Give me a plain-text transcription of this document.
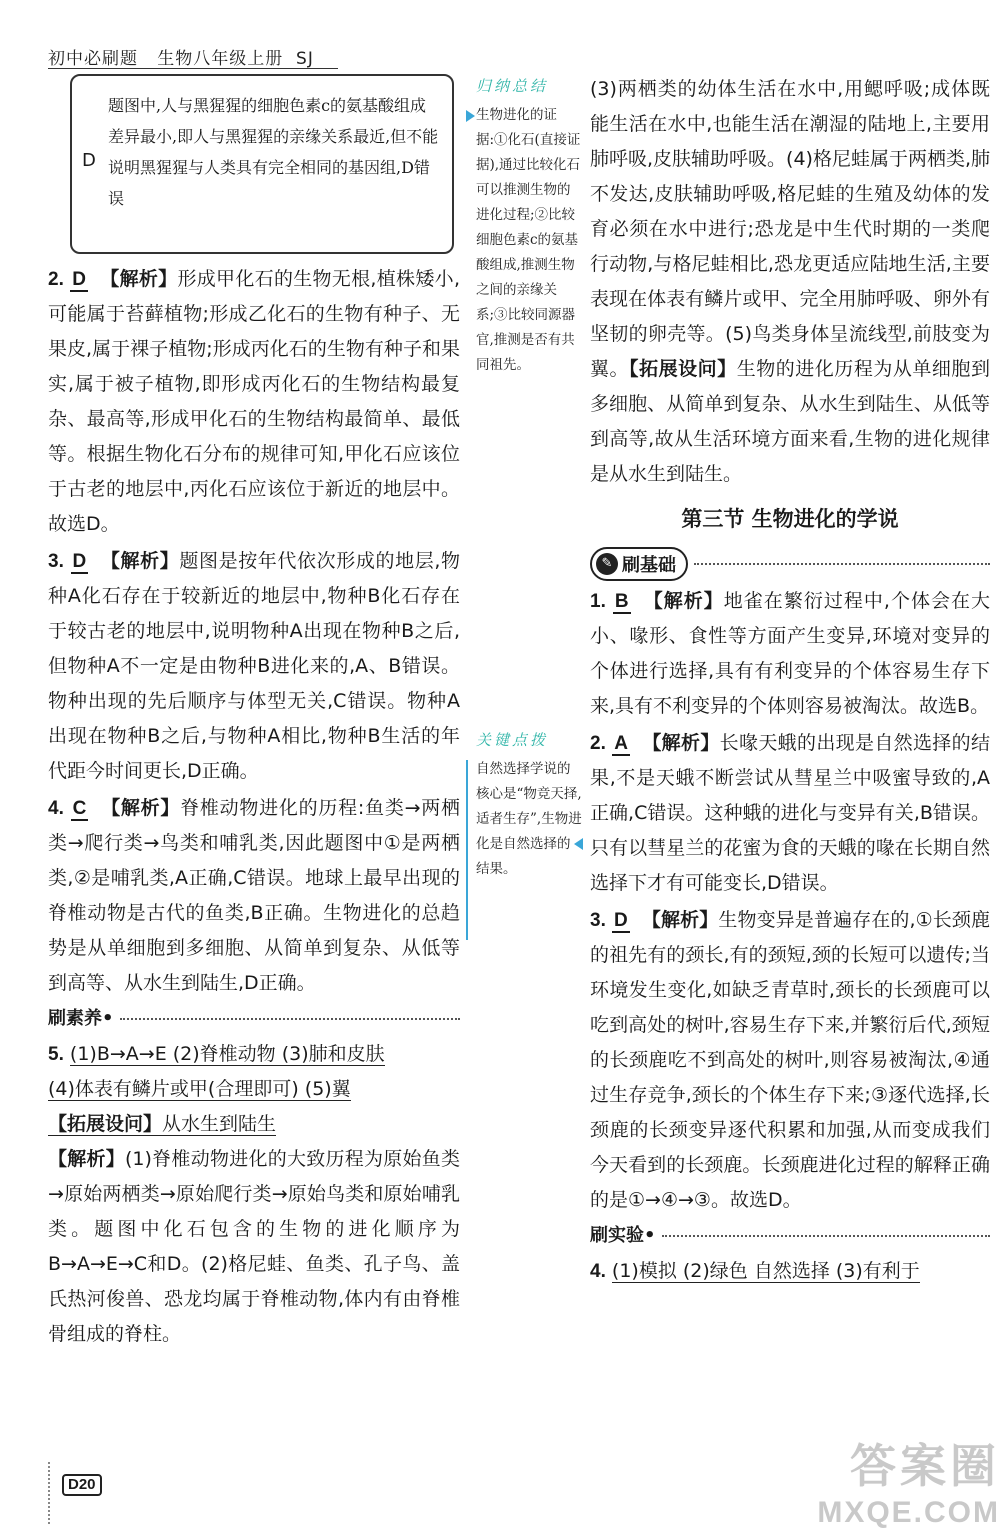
初中必刷题 生物八年级上册 SJ
D
题图中,人与黑猩猩的细胞色素c的氨基酸组成差异最小,即人与黑猩猩的亲缘关系最近,但不能说明黑猩猩与人类具有完全相同的基因组,D错误

2. D 【解析】形成甲化石的生物无根,植株矮小,可能属于苔藓植物;形成乙化石的生物有种子、无果皮,属于裸子植物;形成丙化石的生物有种子和果实,属于被子植物,即形成丙化石的生物结构最复杂、最高等,形成甲化石的生物结构最简单、最低等。根据生物化石分布的规律可知,甲化石应该位于古老的地层中,丙化石应该位于新近的地层中。故选D。

3. D 【解析】题图是按年代依次形成的地层,物种A化石存在于较新近的地层中,物种B化石存在于较古老的地层中,说明物种A出现在物种B之后,但物种A不一定是由物种B进化来的,A、B错误。物种出现的先后顺序与体型无关,C错误。物种A出现在物种B之后,与物种A相比,物种B生活的年代距今时间更长,D正确。

4. C 【解析】脊椎动物进化的历程:鱼类→两栖类→爬行类→鸟类和哺乳类,因此题图中①是两栖类,②是哺乳类,A正确,C错误。地球上最早出现的脊椎动物是古代的鱼类,B正确。生物进化的总趋势是从单细胞到多细胞、从简单到复杂、从低等到高等、从水生到陆生,D正确。

刷素养•

5. (1)B→A→E (2)脊椎动物 (3)肺和皮肤
(4)体表有鳞片或甲(合理即可) (5)翼
【拓展设问】从水生到陆生
【解析】(1)脊椎动物进化的大致历程为原始鱼类→原始两栖类→原始爬行类→原始鸟类和原始哺乳类。题图中化石包含的生物的进化顺序为B→A→E→C和D。(2)格尼蛙、鱼类、孔子鸟、盖氏热河俊兽、恐龙均属于脊椎动物,体内有由脊椎骨组成的脊柱。

归纳总结
生物进化的证据:①化石(直接证据),通过比较化石可以推测生物的进化过程;②比较细胞色素c的氨基酸组成,推测生物之间的亲缘关系;③比较同源器官,推测是否有共同祖先。
关键点拨
自然选择学说的核心是“物竞天择,适者生存”,生物进化是自然选择的结果。

(3)两栖类的幼体生活在水中,用鳃呼吸;成体既能生活在水中,也能生活在潮湿的陆地上,主要用肺呼吸,皮肤辅助呼吸。(4)格尼蛙属于两栖类,肺不发达,皮肤辅助呼吸,格尼蛙的生殖及幼体的发育必须在水中进行;恐龙是中生代时期的一类爬行动物,与格尼蛙相比,恐龙更适应陆地生活,主要表现在体表有鳞片或甲、完全用肺呼吸、卵外有坚韧的卵壳等。(5)鸟类身体呈流线型,前肢变为翼。【拓展设问】生物的进化历程为从单细胞到多细胞、从简单到复杂、从水生到陆生、从低等到高等,故从生活环境方面来看,生物的进化规律是从水生到陆生。

第三节 生物进化的学说
✎ 刷基础

1. B 【解析】地雀在繁衍过程中,个体会在大小、喙形、食性等方面产生变异,环境对变异的个体进行选择,具有有利变异的个体容易生存下来,具有不利变异的个体则容易被淘汰。故选B。

2. A 【解析】长喙天蛾的出现是自然选择的结果,不是天蛾不断尝试从彗星兰中吸蜜导致的,A正确,C错误。这种蛾的进化与变异有关,B错误。只有以彗星兰的花蜜为食的天蛾的喙在长期自然选择下才有可能变长,D错误。

3. D 【解析】生物变异是普遍存在的,①长颈鹿的祖先有的颈长,有的颈短,颈的长短可以遗传;当环境发生变化,如缺乏青草时,颈长的长颈鹿可以吃到高处的树叶,容易生存下来,并繁衍后代,颈短的长颈鹿吃不到高处的树叶,则容易被淘汰,④通过生存竞争,颈长的个体生存下来;③逐代选择,长颈鹿的长颈变异逐代积累和加强,从而变成我们今天看到的长颈鹿。长颈鹿进化过程的解释正确的是①→④→③。故选D。

刷实验•

4. (1)模拟 (2)绿色 自然选择 (3)有利于

D20	答案圈
MXQE.COM
